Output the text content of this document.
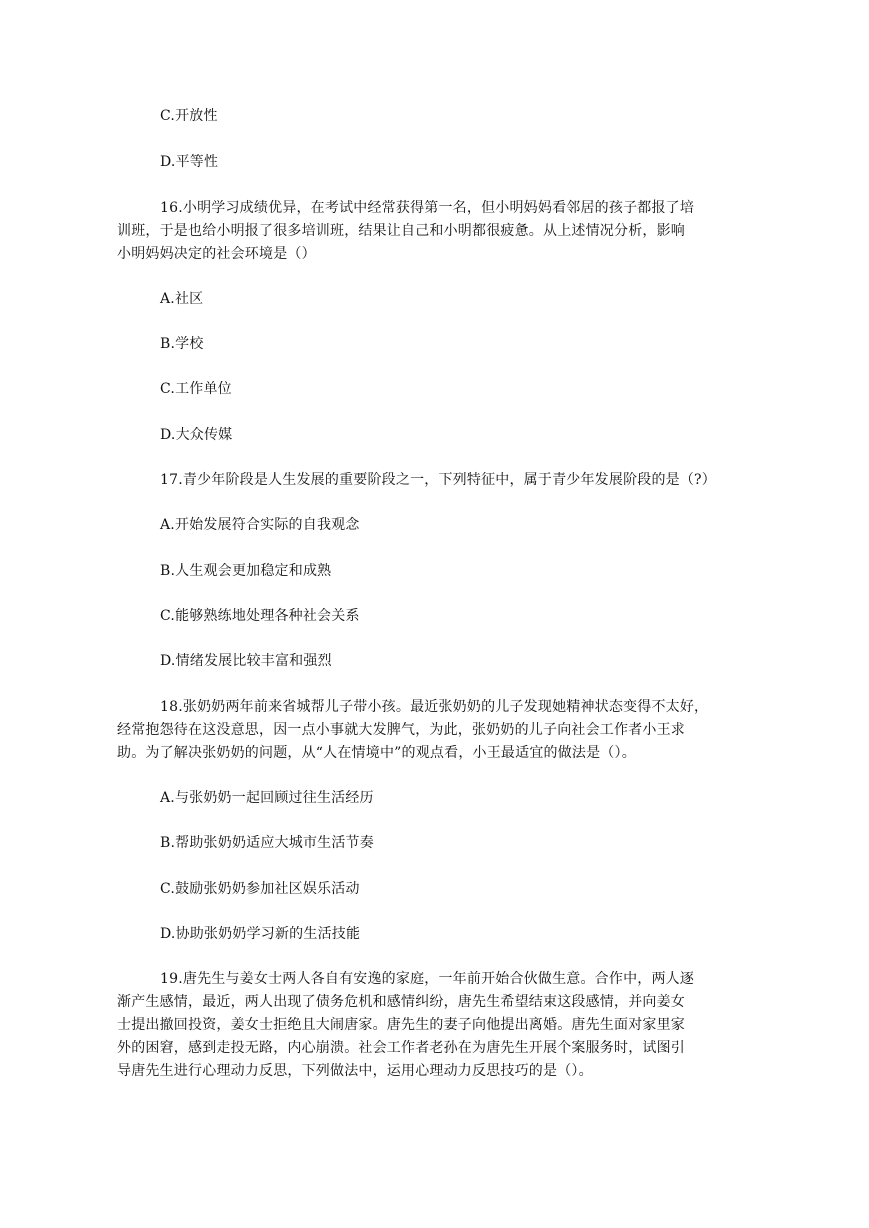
C.开放性
D.平等性
16.小明学习成绩优异，在考试中经常获得第一名，但小明妈妈看邻居的孩子都报了培
训班，于是也给小明报了很多培训班，结果让自己和小明都很疲惫。从上述情况分析，影响
小明妈妈决定的社会环境是（）
A.社区
B.学校
C.工作单位
D.大众传媒
17.青少年阶段是人生发展的重要阶段之一，下列特征中，属于青少年发展阶段的是（?）
A.开始发展符合实际的自我观念
B.人生观会更加稳定和成熟
C.能够熟练地处理各种社会关系
D.情绪发展比较丰富和强烈
18.张奶奶两年前来省城帮儿子带小孩。最近张奶奶的儿子发现她精神状态变得不太好，
经常抱怨待在这没意思，因一点小事就大发脾气，为此，张奶奶的儿子向社会工作者小王求
助。为了解决张奶奶的问题，从“人在情境中”的观点看，小王最适宜的做法是（）。
A.与张奶奶一起回顾过往生活经历
B.帮助张奶奶适应大城市生活节奏
C.鼓励张奶奶参加社区娱乐活动
D.协助张奶奶学习新的生活技能
19.唐先生与姜女士两人各自有安逸的家庭，一年前开始合伙做生意。合作中，两人逐
渐产生感情，最近，两人出现了债务危机和感情纠纷，唐先生希望结束这段感情，并向姜女
士提出撤回投资，姜女士拒绝且大闹唐家。唐先生的妻子向他提出离婚。唐先生面对家里家
外的困窘，感到走投无路，内心崩溃。社会工作者老孙在为唐先生开展个案服务时，试图引
导唐先生进行心理动力反思，下列做法中，运用心理动力反思技巧的是（）。
